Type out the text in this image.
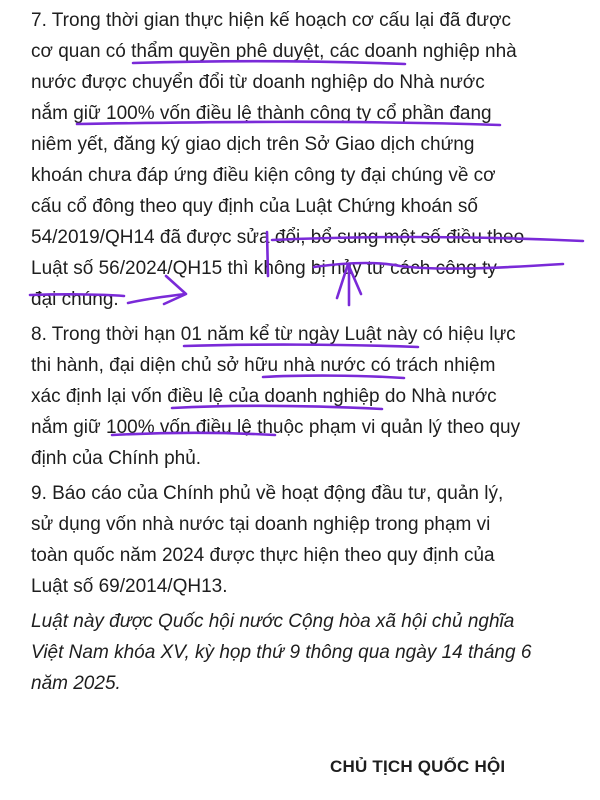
7. Trong thời gian thực hiện kế hoạch cơ cấu lại đã được
cơ quan có thẩm quyền phê duyệt, các doanh nghiệp nhà
nước được chuyển đổi từ doanh nghiệp do Nhà nước
nắm giữ 100% vốn điều lệ thành công ty cổ phần đang
niêm yết, đăng ký giao dịch trên Sở Giao dịch chứng
khoán chưa đáp ứng điều kiện công ty đại chúng về cơ
cấu cổ đông theo quy định của Luật Chứng khoán số
54/2019/QH14 đã được sửa đổi, bổ sung một số điều theo
Luật số 56/2024/QH15 thì không bị hủy tư cách công ty
đại chúng.
8. Trong thời hạn 01 năm kể từ ngày Luật này có hiệu lực
thi hành, đại diện chủ sở hữu nhà nước có trách nhiệm
xác định lại vốn điều lệ của doanh nghiệp do Nhà nước
nắm giữ 100% vốn điều lệ thuộc phạm vi quản lý theo quy
định của Chính phủ.
9. Báo cáo của Chính phủ về hoạt động đầu tư, quản lý,
sử dụng vốn nhà nước tại doanh nghiệp trong phạm vi
toàn quốc năm 2024 được thực hiện theo quy định của
Luật số 69/2014/QH13.
Luật này được Quốc hội nước Cộng hòa xã hội chủ nghĩa
Việt Nam khóa XV, kỳ họp thứ 9 thông qua ngày 14 tháng 6
năm 2025.
CHỦ TỊCH QUỐC HỘI
